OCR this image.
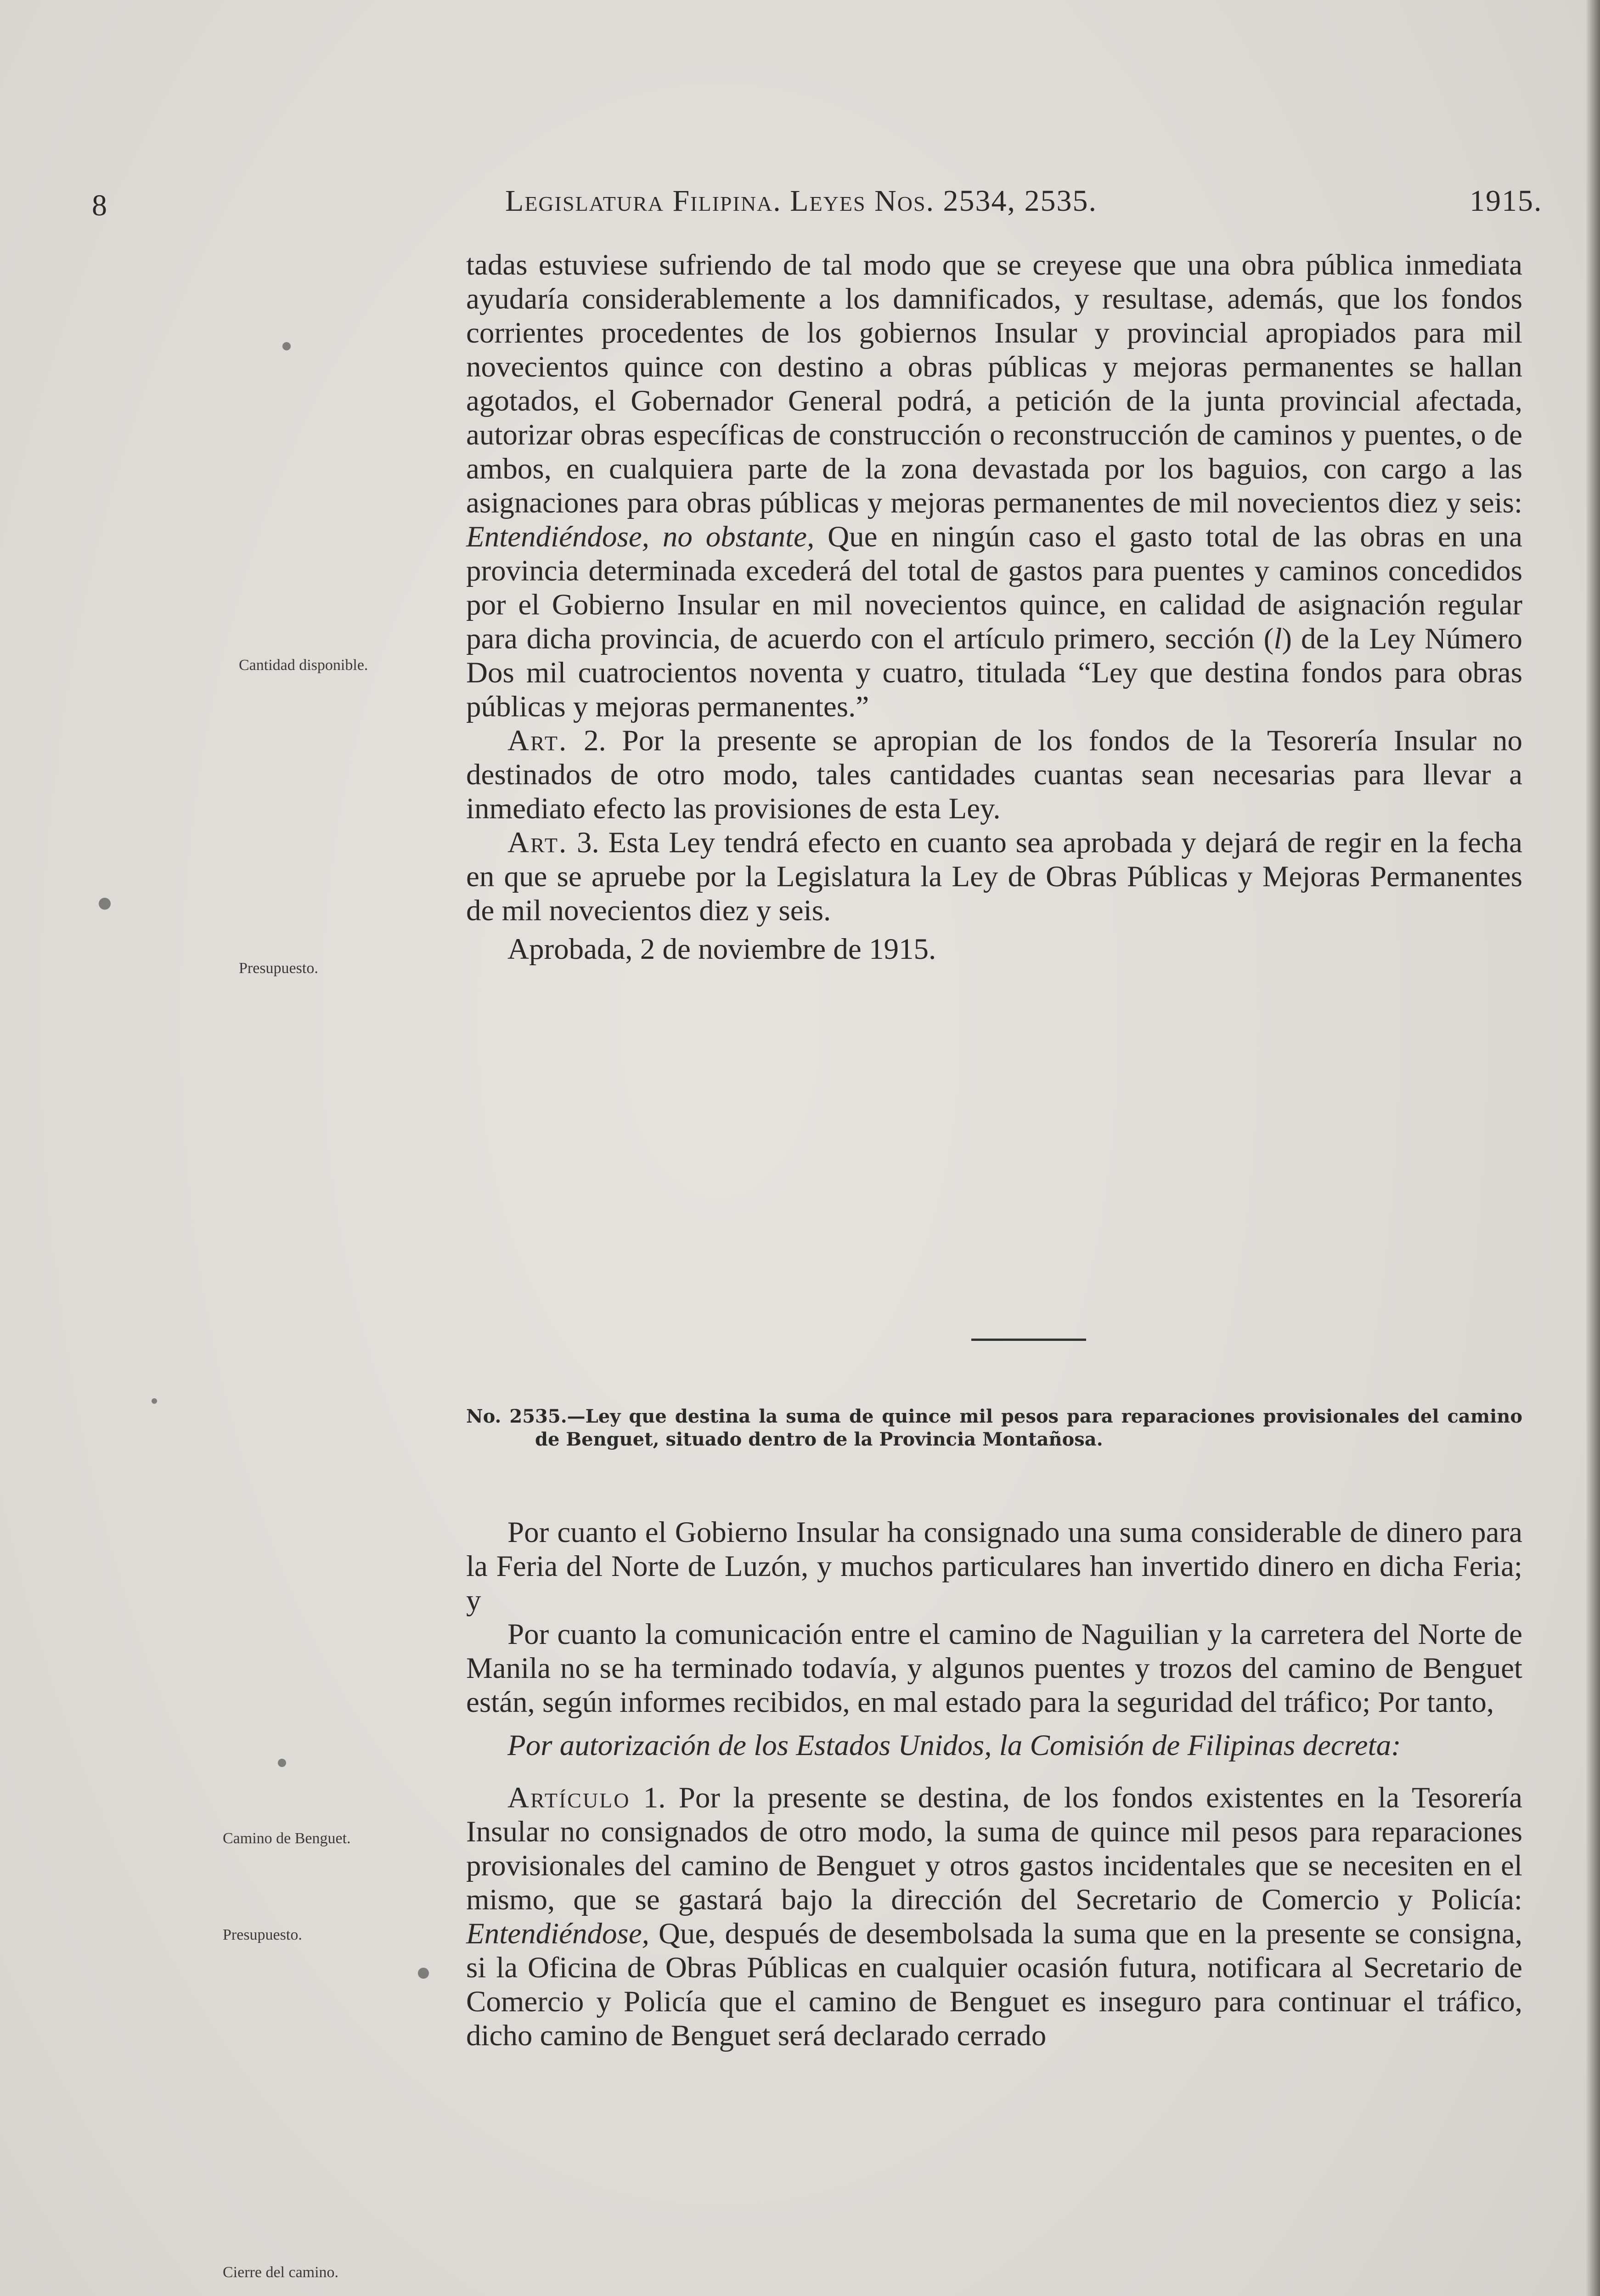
8	Legislatura Filipina. Leyes Nos. 2534, 2535.	1915.
Cantidad disponible.
Presupuesto.
Camino de Benguet.
Presupuesto.
Cierre del camino.

tadas estuviese sufriendo de tal modo que se creyese que una obra pública inmediata ayudaría considerablemente a los damnificados, y resultase, además, que los fondos corrientes procedentes de los gobiernos Insular y provincial apropiados para mil novecientos quince con destino a obras públicas y mejoras permanentes se hallan agotados, el Gobernador General podrá, a petición de la junta provincial afectada, autorizar obras específicas de construcción o reconstrucción de caminos y puentes, o de ambos, en cualquiera parte de la zona devastada por los baguios, con cargo a las asignaciones para obras públicas y mejoras permanentes de mil novecientos diez y seis: Entendiéndose, no obstante, Que en ningún caso el gasto total de las obras en una provincia determinada excederá del total de gastos para puentes y caminos concedidos por el Gobierno Insular en mil novecientos quince, en calidad de asignación regular para dicha provincia, de acuerdo con el artículo primero, sección (l) de la Ley Número Dos mil cuatrocientos noventa y cuatro, titulada “Ley que destina fondos para obras públicas y mejoras permanentes.”

Art. 2. Por la presente se apropian de los fondos de la Tesorería Insular no destinados de otro modo, tales cantidades cuantas sean necesarias para llevar a inmediato efecto las provisiones de esta Ley.

Art. 3. Esta Ley tendrá efecto en cuanto sea aprobada y dejará de regir en la fecha en que se apruebe por la Legislatura la Ley de Obras Públicas y Mejoras Permanentes de mil novecientos diez y seis.

Aprobada, 2 de noviembre de 1915.

No. 2535.—Ley que destina la suma de quince mil pesos para reparaciones provisionales del camino de Benguet, situado dentro de la Provincia Montañosa.

Por cuanto el Gobierno Insular ha consignado una suma considerable de dinero para la Feria del Norte de Luzón, y muchos particulares han invertido dinero en dicha Feria; y

Por cuanto la comunicación entre el camino de Naguilian y la carretera del Norte de Manila no se ha terminado todavía, y algunos puentes y trozos del camino de Benguet están, según informes recibidos, en mal estado para la seguridad del tráfico; Por tanto,

Por autorización de los Estados Unidos, la Comisión de Filipinas decreta:

Artículo 1. Por la presente se destina, de los fondos existentes en la Tesorería Insular no consignados de otro modo, la suma de quince mil pesos para reparaciones provisionales del camino de Benguet y otros gastos incidentales que se necesiten en el mismo, que se gastará bajo la dirección del Secretario de Comercio y Policía: Entendiéndose, Que, después de desembolsada la suma que en la presente se consigna, si la Oficina de Obras Públicas en cualquier ocasión futura, notificara al Secretario de Comercio y Policía que el camino de Benguet es inseguro para continuar el tráfico, dicho camino de Benguet será declarado cerrado
